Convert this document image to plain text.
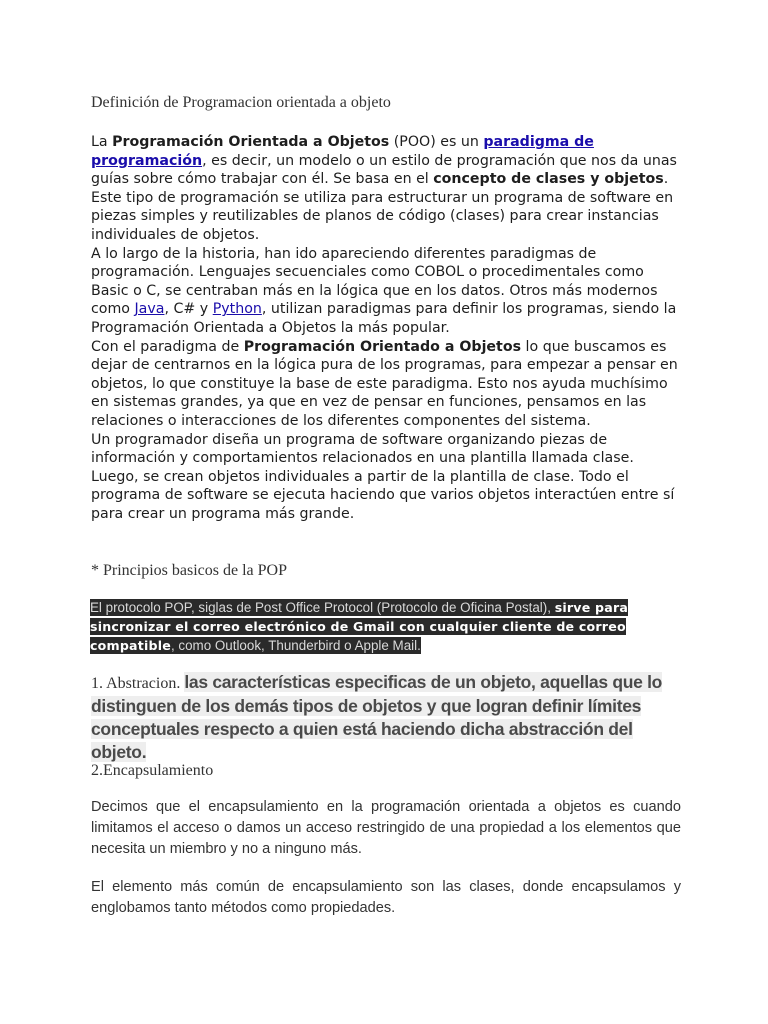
Definición de Programacion orientada a objeto
La Programación Orientada a Objetos (POO) es un paradigma de programación, es decir, un modelo o un estilo de programación que nos da unas guías sobre cómo trabajar con él. Se basa en el concepto de clases y objetos. Este tipo de programación se utiliza para estructurar un programa de software en piezas simples y reutilizables de planos de código (clases) para crear instancias individuales de objetos.
A lo largo de la historia, han ido apareciendo diferentes paradigmas de programación. Lenguajes secuenciales como COBOL o procedimentales como Basic o C, se centraban más en la lógica que en los datos. Otros más modernos como Java, C# y Python, utilizan paradigmas para definir los programas, siendo la Programación Orientada a Objetos la más popular.
Con el paradigma de Programación Orientado a Objetos lo que buscamos es dejar de centrarnos en la lógica pura de los programas, para empezar a pensar en objetos, lo que constituye la base de este paradigma. Esto nos ayuda muchísimo en sistemas grandes, ya que en vez de pensar en funciones, pensamos en las relaciones o interacciones de los diferentes componentes del sistema.
Un programador diseña un programa de software organizando piezas de información y comportamientos relacionados en una plantilla llamada clase. Luego, se crean objetos individuales a partir de la plantilla de clase. Todo el programa de software se ejecuta haciendo que varios objetos interactúen entre sí para crear un programa más grande.
* Principios basicos de la POP
El protocolo POP, siglas de Post Office Protocol (Protocolo de Oficina Postal), sirve para sincronizar el correo electrónico de Gmail con cualquier cliente de correo compatible, como Outlook, Thunderbird o Apple Mail.
1. Abstracion. las características especificas de un objeto, aquellas que lo distinguen de los demás tipos de objetos y que logran definir límites conceptuales respecto a quien está haciendo dicha abstracción del objeto.
2.Encapsulamiento
Decimos que el encapsulamiento en la programación orientada a objetos es cuando limitamos el acceso o damos un acceso restringido de una propiedad a los elementos que necesita un miembro y no a ninguno más.
El elemento más común de encapsulamiento son las clases, donde encapsulamos y englobamos tanto métodos como propiedades.
